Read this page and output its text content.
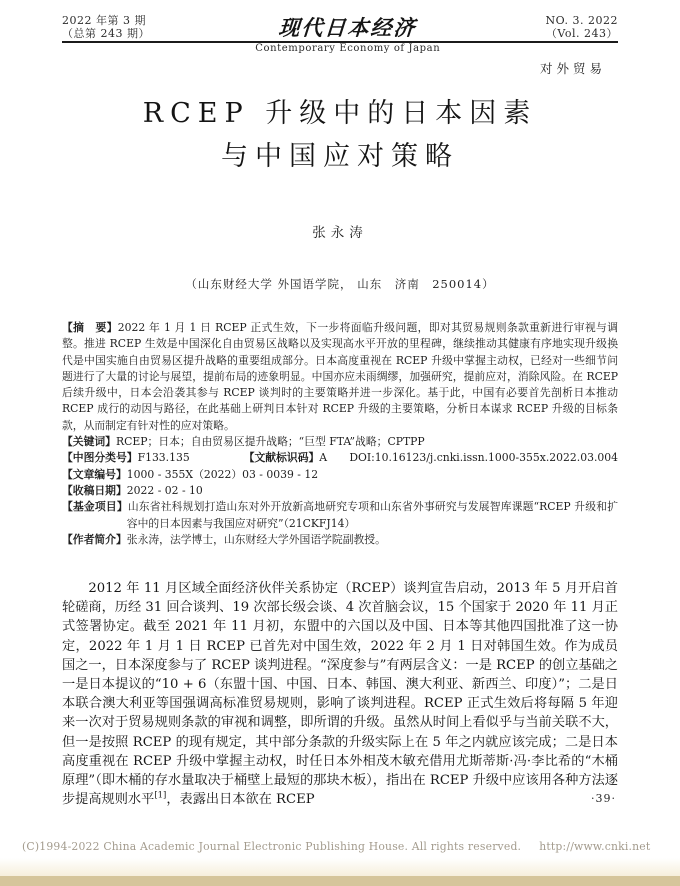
2022 年第 3 期
（总第 243 期）	现代日本经济
Contemporary Economy of Japan
NO. 3. 2022
（Vol. 243）
对外贸易
RCEP 升级中的日本因素
与中国应对策略
张永涛
（山东财经大学 外国语学院， 山东　济南　250014）

【摘　要】2022 年 1 月 1 日 RCEP 正式生效，下一步将面临升级问题，即对其贸易规则条款重新进行审视与调整。推进 RCEP 生效是中国深化自由贸易区战略以及实现高水平开放的里程碑，继续推动其健康有序地实现升级换代是中国实施自由贸易区提升战略的重要组成部分。日本高度重视在 RCEP 升级中掌握主动权，已经对一些细节问题进行了大量的讨论与展望，提前布局的迹象明显。中国亦应未雨绸缪，加强研究，提前应对，消除风险。在 RCEP 后续升级中，日本会沿袭其参与 RCEP 谈判时的主要策略并进一步深化。基于此，中国有必要首先剖析日本推动 RCEP 成行的动因与路径，在此基础上研判日本针对 RCEP 升级的主要策略，分析日本谋求 RCEP 升级的目标条款，从而制定有针对性的应对策略。

【关键词】RCEP；日本；自由贸易区提升战略；“巨型 FTA”战略；CPTPP

【中图分类号】F133.135	【文献标识码】A DOI:10.16123/j.cnki.issn.1000-355x.2022.03.004

【文章编号】1000 - 355X（2022）03 - 0039 - 12

【收稿日期】2022 - 02 - 10

【基金项目】山东省社科规划打造山东对外开放新高地研究专项和山东省外事研究与发展智库课题“RCEP 升级和扩容中的日本因素与我国应对研究”（21CKFJ14）

【作者简介】张永涛，法学博士，山东财经大学外国语学院副教授。

2012 年 11 月区域全面经济伙伴关系协定（RCEP）谈判宣告启动，2013 年 5 月开启首轮磋商，历经 31 回合谈判、19 次部长级会谈、4 次首脑会议，15 个国家于 2020 年 11 月正式签署协定。截至 2021 年 11 月初，东盟中的六国以及中国、日本等其他四国批准了这一协定，2022 年 1 月 1 日 RCEP 已首先对中国生效，2022 年 2 月 1 日对韩国生效。作为成员国之一，日本深度参与了 RCEP 谈判进程。“深度参与”有两层含义：一是 RCEP 的创立基础之一是日本提议的“10 + 6（东盟十国、中国、日本、韩国、澳大利亚、新西兰、印度）”；二是日本联合澳大利亚等国强调高标准贸易规则，影响了谈判进程。RCEP 正式生效后将每隔 5 年迎来一次对于贸易规则条款的审视和调整，即所谓的升级。虽然从时间上看似乎与当前关联不大，但一是按照 RCEP 的现有规定，其中部分条款的升级实际上在 5 年之内就应该完成；二是日本高度重视在 RCEP 升级中掌握主动权，时任日本外相茂木敏充借用尤斯蒂斯·冯·李比希的“木桶原理”（即木桶的存水量取决于桶壁上最短的那块木板），指出在 RCEP 升级中应该用各种方法逐步提高规则水平[1]，表露出日本欲在 RCEP	·39·
(C)1994-2022 China Academic Journal Electronic Publishing House. All rights reserved. http://www.cnki.net
